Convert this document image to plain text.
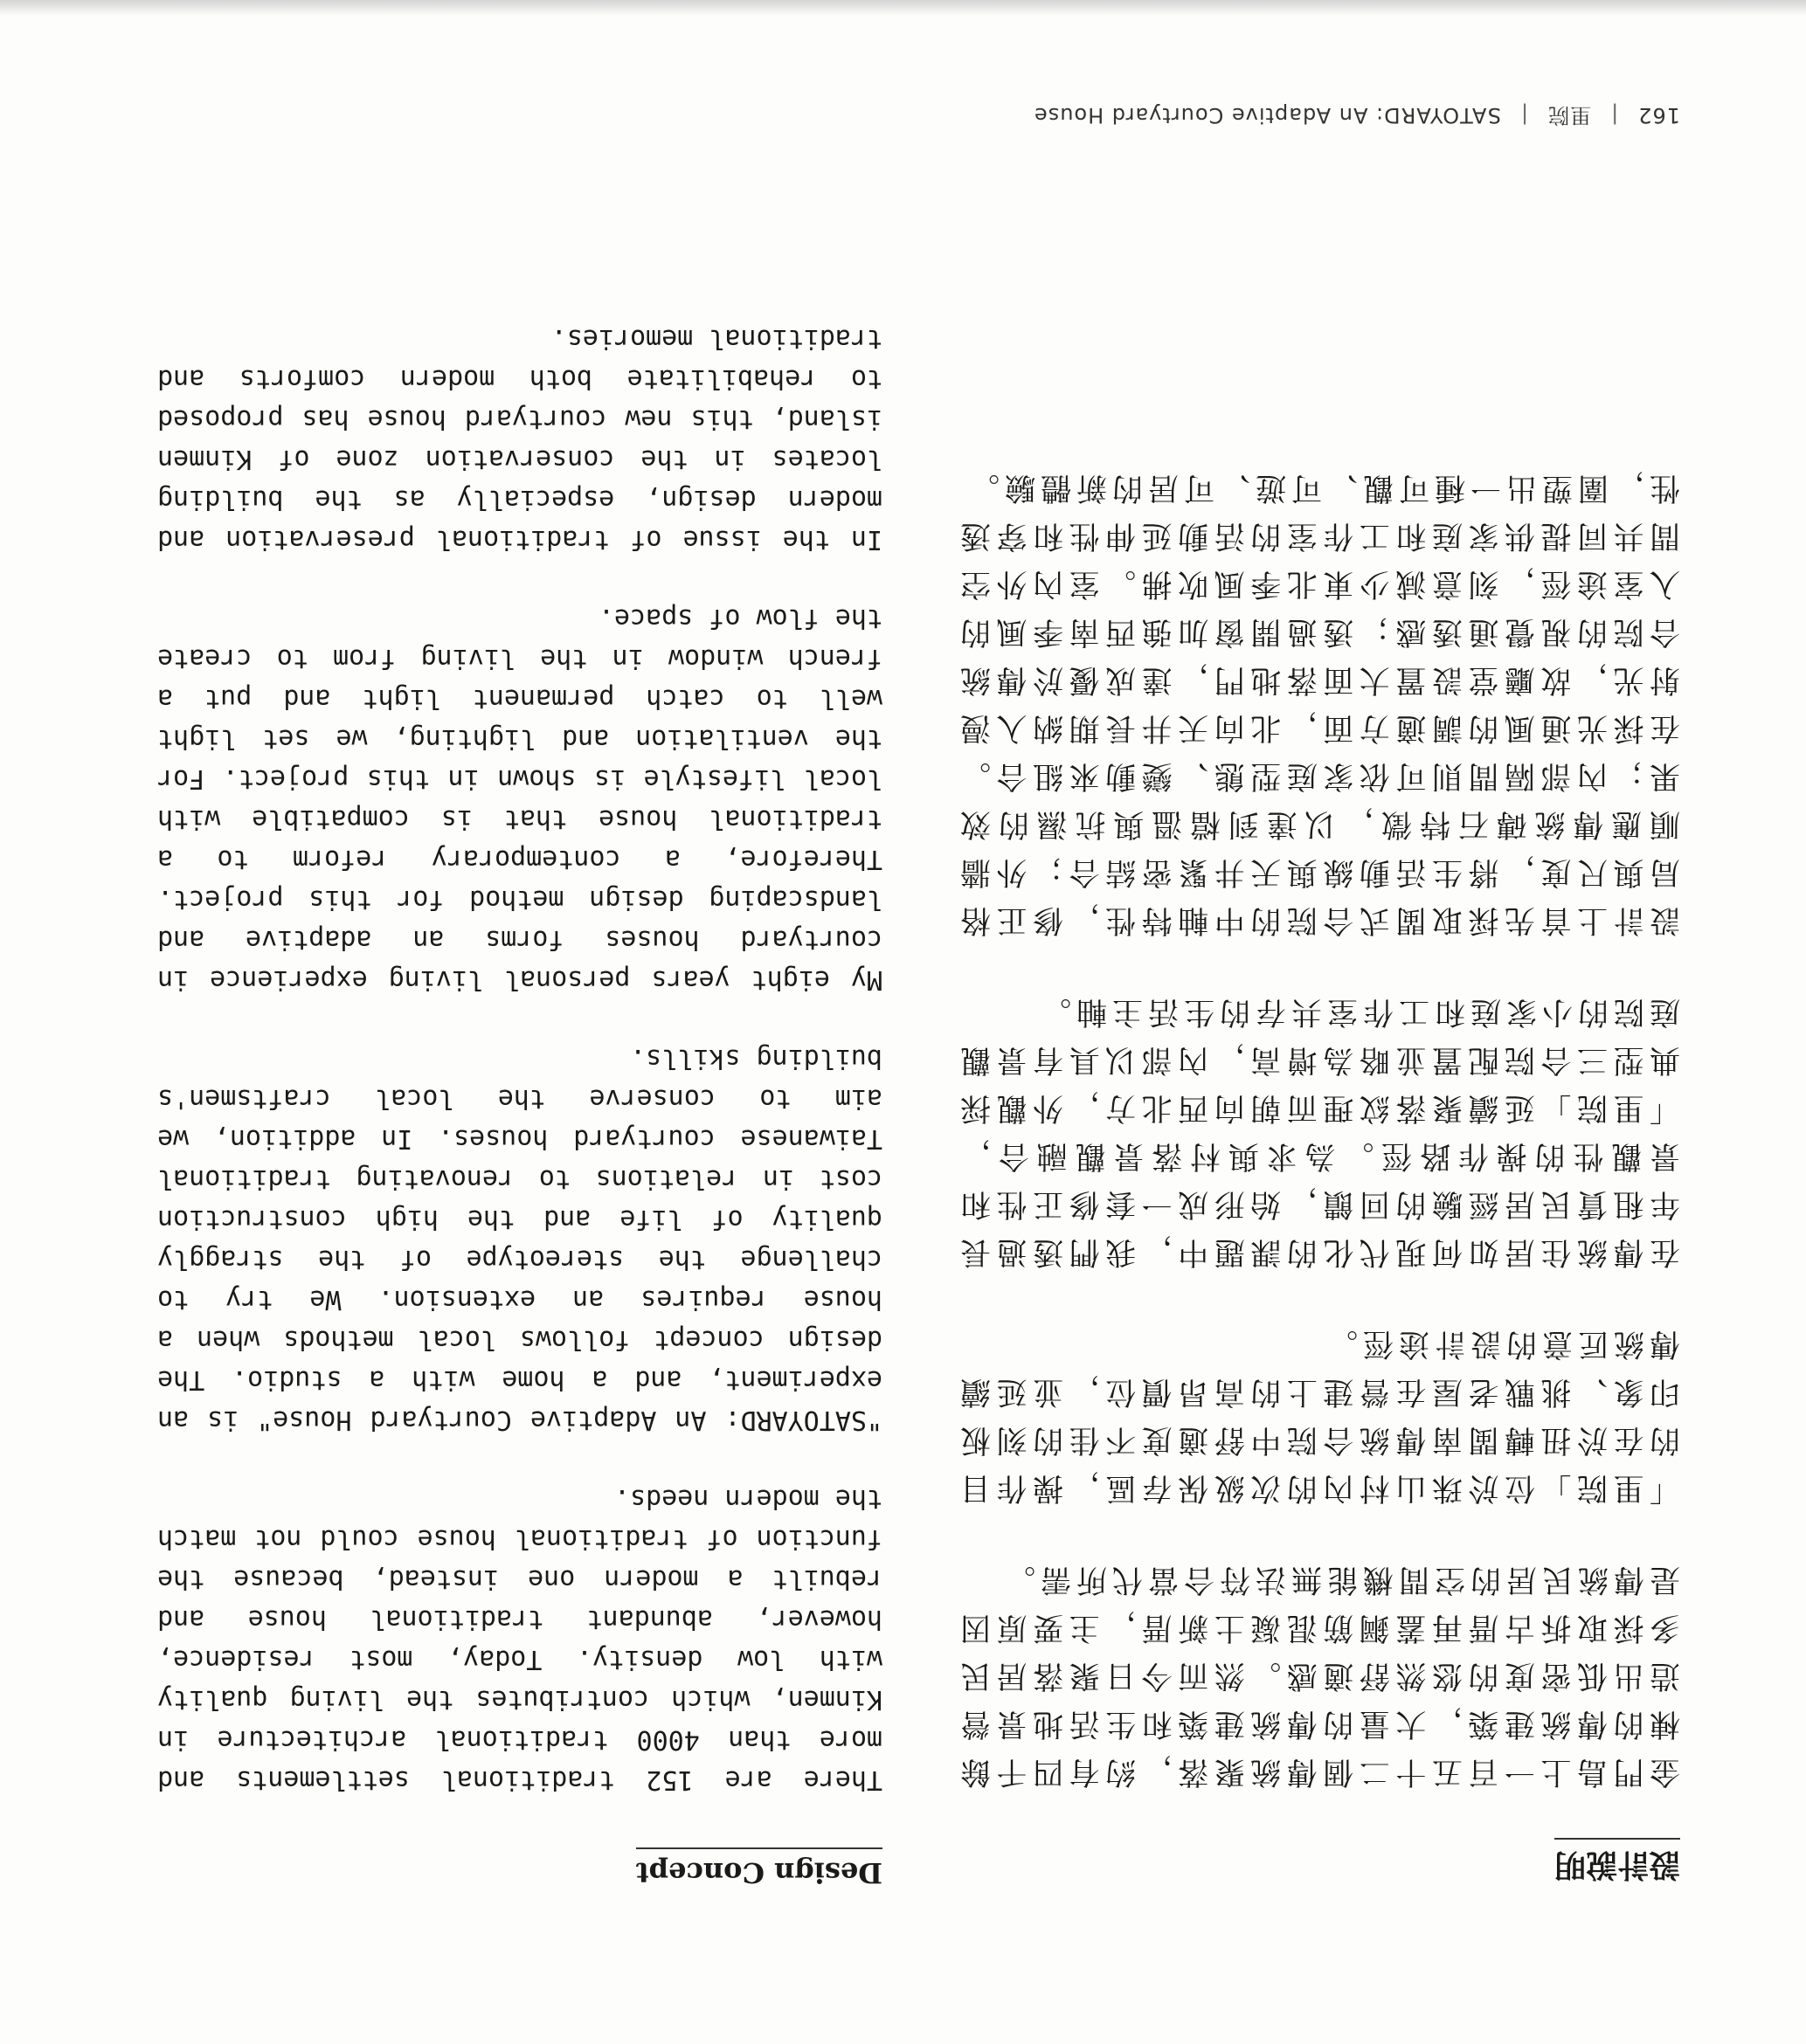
162|里院|SATOYARD: An Adaptive Courtyard House
設計說明
Design Concept

金門島上一百五十二個傳統聚落，約有四千餘棟的傳統建築，大量的傳統建築和生活地景營造出低密度的悠然舒適感。然而今日聚落居民多採取拆古厝再蓋鋼筋混凝土新厝，主要原因是傳統民居的空間機能無法符合當代所需。

「里院」位於珠山村內的次級保存區，操作目的在於扭轉閩南傳統合院中舒適度不佳的刻板印象、挑戰老屋在營建上的高昂價位，並延續傳統匠意的設計途徑。

在傳統住居如何現代化的課題中，我們透過長年租賃民居經驗的回饋，始形成一套修正性和景觀性的操作路徑。為求與村落景觀融合，「里院」延續聚落紋理而朝向西北方，外觀採典型三合院配置並略為增高，內部以具有景觀庭院的小家庭和工作室共存的生活主軸。

設計上首先採取閩式合院的中軸特性，修正格局與尺度，將生活動線與天井緊密結合；外牆順應傳統磚石特徵，以達到檔溫與抗濕的效果；內部隔間則可依家庭型態、變動來組合。在採光通風的調適方面，北向天井長期納入漫射光，故廳堂設置大面落地門，達成優於傳統合院的視覺通透感；透過開窗加強西南季風的入室途徑，刻意減少東北季風吹拂。室內外空間共同提供家庭和工作室的活動延伸性和穿透性，圍塑出一種可觀、可遊、可居的新體驗。

There are 152 traditional settlements and more than 4000 traditional architecture in Kinmen, which contributes the living quality with low density. Today, most residence, however, abundant traditional house and rebuilt a modern one instead, because the function of traditional house could not match the modern needs.

"SATOYARD: An Adaptive Courtyard House" is an experiment, and a home with a studio. The design concept follows local methods when a house requires an extension. We try to challenge the stereotype of the straggly quality of life and the high construction cost in relations to renovating traditional Taiwanese courtyard houses. In addition, we aim to conserve the local craftsmen's building skills.

My eight years personal living experience in courtyard houses forms an adaptive and landscaping design method for this project. Therefore, a contemporary reform to a traditional house that is compatible with local lifestyle is shown in this project. For the ventilation and lighting, we set light well to catch permanent light and put a french window in the living from to create the flow of space.

In the issue of traditional preservation and modern design, especially as the building locates in the conservation zone of Kinmen island, this new courtyard house has proposed to rehabilitate both modern comforts and traditional memories.
